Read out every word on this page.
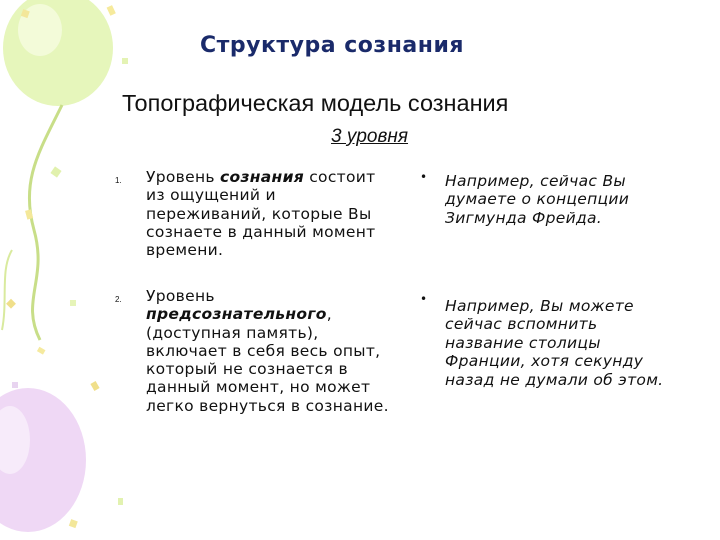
Структура сознания
Топографическая модель сознания
3 уровня
1. Уровень сознания состоит из ощущений и переживаний, которые Вы сознаете в данный момент времени.
• Например, сейчас Вы думаете о концепции Зигмунда Фрейда.
2. Уровень предсознательного, (доступная память), включает в себя весь опыт, который не сознается в данный момент, но может легко вернуться в сознание.
• Например, Вы можете сейчас вспомнить название столицы Франции, хотя секунду назад не думали об этом.
